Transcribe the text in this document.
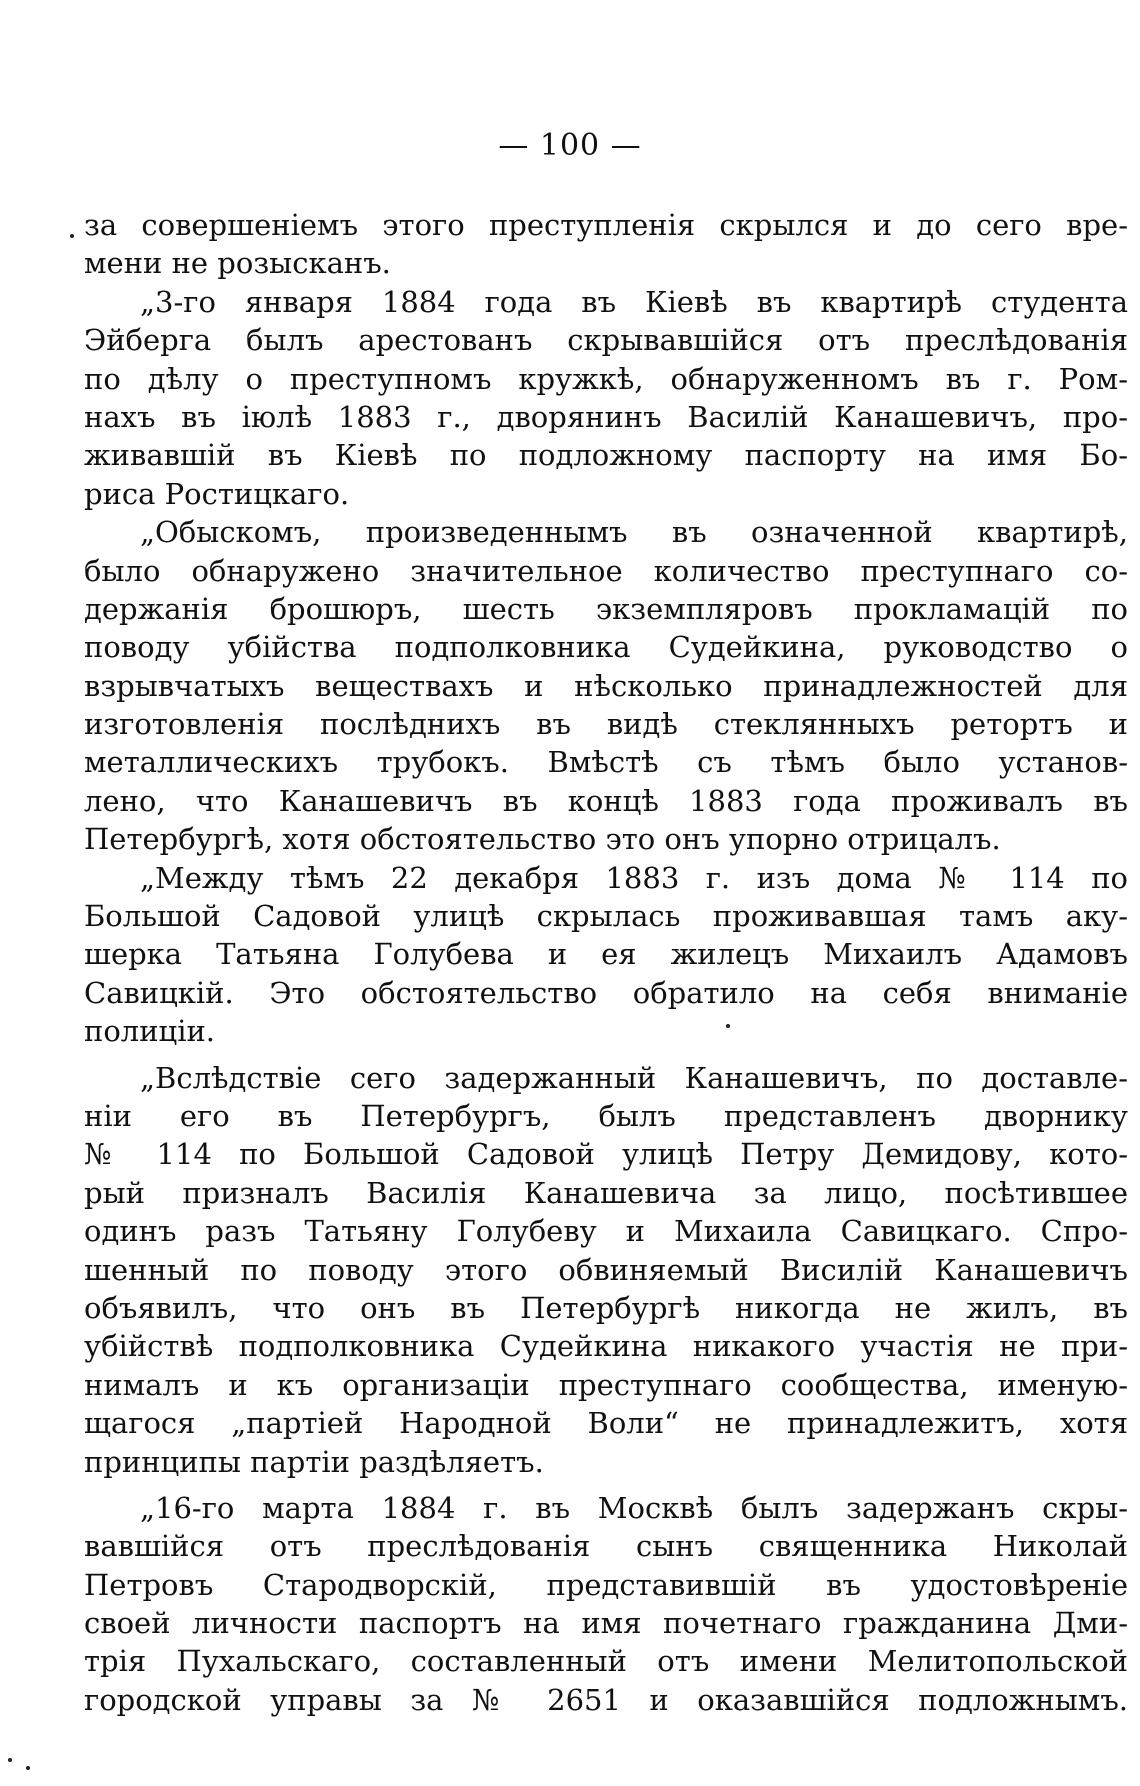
— 100 —
за совершеніемъ этого преступленія скрылся и до сего вре-
мени не розысканъ.
„3-го января 1884 года въ Кіевѣ въ квартирѣ студента
Эйберга былъ арестованъ скрывавшійся отъ преслѣдованія
по дѣлу о преступномъ кружкѣ, обнаруженномъ въ г. Ром-
нахъ въ іюлѣ 1883 г., дворянинъ Василій Канашевичъ, про-
живавшій въ Кіевѣ по подложному паспорту на имя Бо-
риса Ростицкаго.
„Обыскомъ, произведеннымъ въ означенной квартирѣ,
было обнаружено значительное количество преступнаго со-
держанія брошюръ, шесть экземпляровъ прокламацій по
поводу убійства подполковника Судейкина, руководство о
взрывчатыхъ веществахъ и нѣсколько принадлежностей для
изготовленія послѣднихъ въ видѣ стеклянныхъ ретортъ и
металлическихъ трубокъ. Вмѣстѣ съ тѣмъ было установ-
лено, что Канашевичъ въ концѣ 1883 года проживалъ въ
Петербургѣ, хотя обстоятельство это онъ упорно отрицалъ.
„Между тѣмъ 22 декабря 1883 г. изъ дома № 114 по
Большой Садовой улицѣ скрылась проживавшая тамъ аку-
шерка Татьяна Голубева и ея жилецъ Михаилъ Адамовъ
Савицкій. Это обстоятельство обратило на себя вниманіе
полиціи.
„Вслѣдствіе сего задержанный Канашевичъ, по доставле-
ніи его въ Петербургъ, былъ представленъ дворнику
№ 114 по Большой Садовой улицѣ Петру Демидову, кото-
рый призналъ Василія Канашевича за лицо, посѣтившее
одинъ разъ Татьяну Голубеву и Михаила Савицкаго. Спро-
шенный по поводу этого обвиняемый Висилій Канашевичъ
объявилъ, что онъ въ Петербургѣ никогда не жилъ, въ
убійствѣ подполковника Судейкина никакого участія не при-
нималъ и къ организаціи преступнаго сообщества, именую-
щагося „партіей Народной Воли“ не принадлежитъ, хотя
принципы партіи раздѣляетъ.
„16-го марта 1884 г. въ Москвѣ былъ задержанъ скры-
вавшійся отъ преслѣдованія сынъ священника Николай
Петровъ Стародворскій, представившій въ удостовѣреніе
своей личности паспортъ на имя почетнаго гражданина Дми-
трія Пухальскаго, составленный отъ имени Мелитопольской
городской управы за № 2651 и оказавшійся подложнымъ.
